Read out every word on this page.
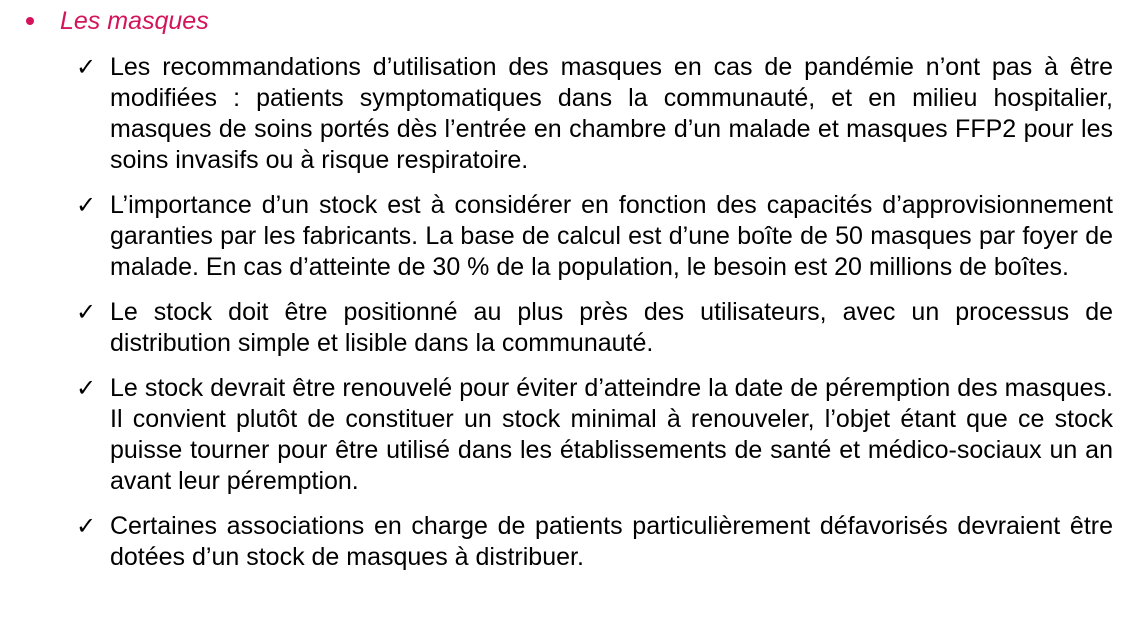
Les masques
✓ Les recommandations d’utilisation des masques en cas de pandémie n’ont pas à être modifiées : patients symptomatiques dans la communauté, et en milieu hospitalier, masques de soins portés dès l’entrée en chambre d’un malade et masques FFP2 pour les soins invasifs ou à risque respiratoire.
✓ L’importance d’un stock est à considérer en fonction des capacités d’approvisionnement garanties par les fabricants. La base de calcul est d’une boîte de 50 masques par foyer de malade. En cas d’atteinte de 30 % de la population, le besoin est 20 millions de boîtes.
✓ Le stock doit être positionné au plus près des utilisateurs, avec un processus de distribution simple et lisible dans la communauté.
✓ Le stock devrait être renouvelé pour éviter d’atteindre la date de péremption des masques. Il convient plutôt de constituer un stock minimal à renouveler, l’objet étant que ce stock puisse tourner pour être utilisé dans les établissements de santé et médico-sociaux un an avant leur péremption.
✓ Certaines associations en charge de patients particulièrement défavorisés devraient être dotées d’un stock de masques à distribuer.
